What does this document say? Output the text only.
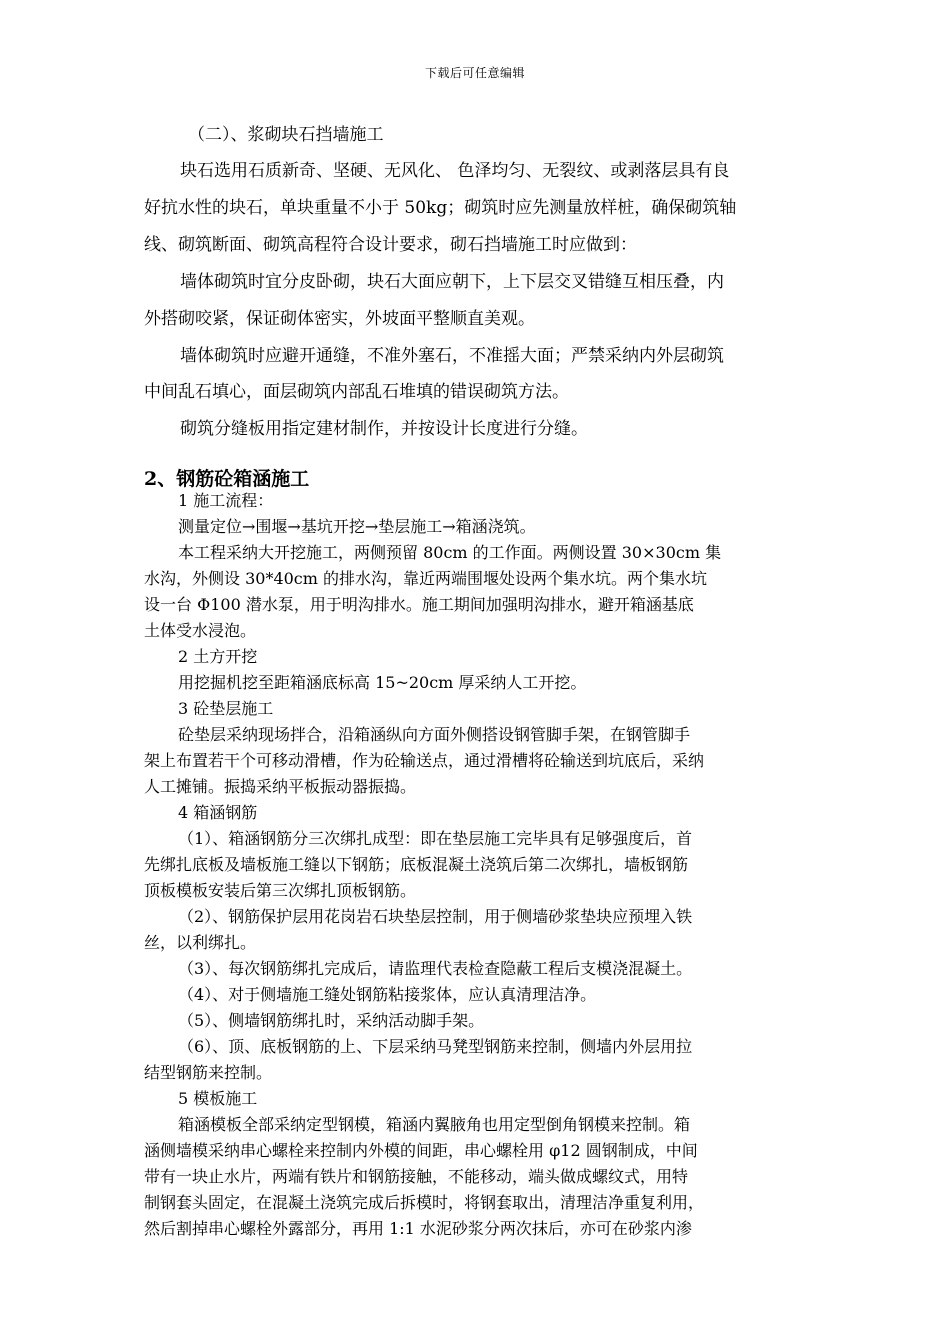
下载后可任意编辑
（二）、浆砌块石挡墙施工
块石选用石质新奇、坚硬、无风化、 色泽均匀、无裂纹、或剥落层具有良
好抗水性的块石，单块重量不小于 50kg；砌筑时应先测量放样桩，确保砌筑轴
线、砌筑断面、砌筑高程符合设计要求，砌石挡墙施工时应做到：
墙体砌筑时宜分皮卧砌，块石大面应朝下，上下层交叉错缝互相压叠，内
外搭砌咬紧，保证砌体密实，外坡面平整顺直美观。
墙体砌筑时应避开通缝，不准外塞石，不准摇大面；严禁采纳内外层砌筑
中间乱石填心，面层砌筑内部乱石堆填的错误砌筑方法。
砌筑分缝板用指定建材制作，并按设计长度进行分缝。
2、钢筋砼箱涵施工
1 施工流程：
测量定位→围堰→基坑开挖→垫层施工→箱涵浇筑。
本工程采纳大开挖施工，两侧预留 80cm 的工作面。两侧设置 30×30cm 集
水沟，外侧设 30*40cm 的排水沟，靠近两端围堰处设两个集水坑。两个集水坑
设一台 Φ100 潜水泵，用于明沟排水。施工期间加强明沟排水，避开箱涵基底
土体受水浸泡。
2 土方开挖
用挖掘机挖至距箱涵底标高 15~20cm 厚采纳人工开挖。
3 砼垫层施工
砼垫层采纳现场拌合，沿箱涵纵向方面外侧搭设钢管脚手架，在钢管脚手
架上布置若干个可移动滑槽，作为砼输送点，通过滑槽将砼输送到坑底后，采纳
人工摊铺。振捣采纳平板振动器振捣。
4 箱涵钢筋
（1）、箱涵钢筋分三次绑扎成型：即在垫层施工完毕具有足够强度后，首
先绑扎底板及墙板施工缝以下钢筋；底板混凝土浇筑后第二次绑扎，墙板钢筋
顶板模板安装后第三次绑扎顶板钢筋。
（2）、钢筋保护层用花岗岩石块垫层控制，用于侧墙砂浆垫块应预埋入铁
丝，以利绑扎。
（3）、每次钢筋绑扎完成后，请监理代表检查隐蔽工程后支模浇混凝土。
（4）、对于侧墙施工缝处钢筋粘接浆体，应认真清理洁净。
（5）、侧墙钢筋绑扎时，采纳活动脚手架。
（6）、顶、底板钢筋的上、下层采纳马凳型钢筋来控制，侧墙内外层用拉
结型钢筋来控制。
5 模板施工
箱涵模板全部采纳定型钢模，箱涵内翼腋角也用定型倒角钢模来控制。箱
涵侧墙模采纳串心螺栓来控制内外模的间距，串心螺栓用 φ12 圆钢制成，中间
带有一块止水片，两端有铁片和钢筋接触，不能移动，端头做成螺纹式，用特
制钢套头固定，在混凝土浇筑完成后拆模时，将钢套取出，清理洁净重复利用，
然后割掉串心螺栓外露部分，再用 1:1 水泥砂浆分两次抹后，亦可在砂浆内渗
